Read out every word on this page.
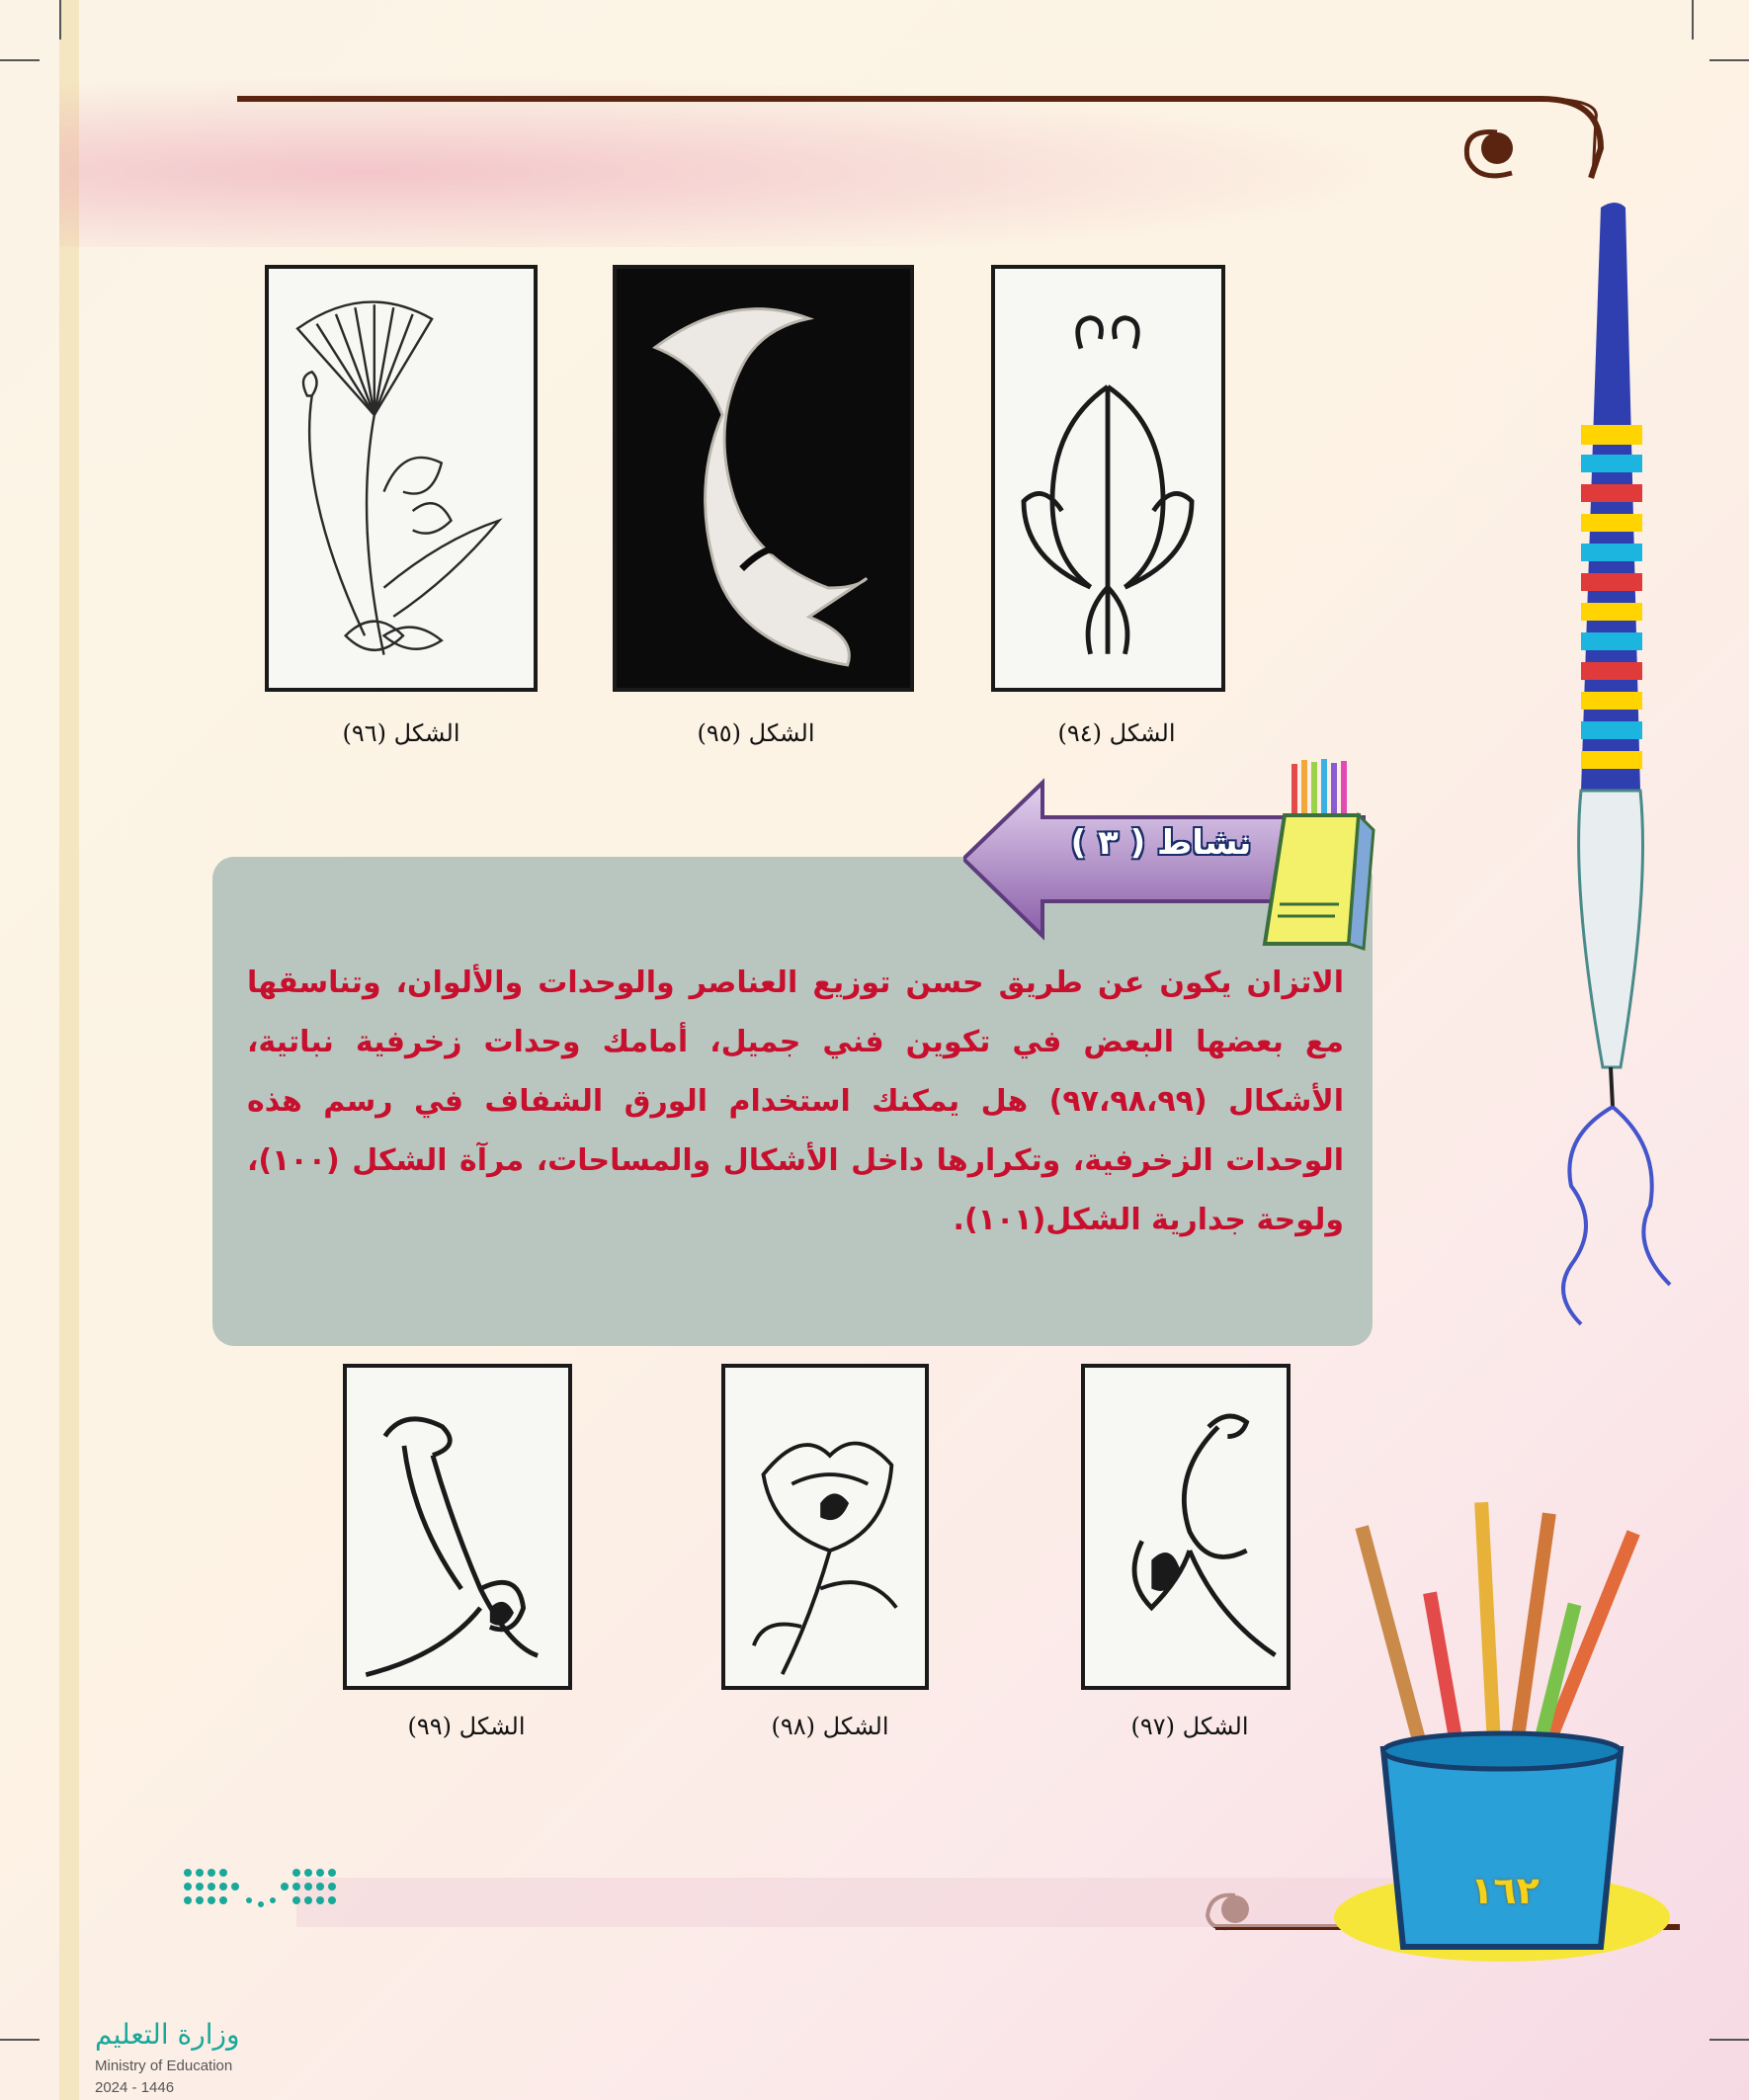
الشكل (٩٤)
الشكل (٩٥)
الشكل (٩٦)
نشاط ( ٣ )

الاتزان يكون عن طريق حسن توزيع العناصر والوحدات والألوان، وتناسقها مع بعضها البعض في تكوين فني جميل، أمامك وحدات زخرفية نباتية، الأشكال (٩٧،٩٨،٩٩) هل يمكنك استخدام الورق الشفاف في رسم هذه الوحدات الزخرفية، وتكرارها داخل الأشكال والمساحات، مرآة الشكل (١٠٠)، ولوحة جدارية الشكل(١٠١).

الشكل (٩٧)
الشكل (٩٨)
الشكل (٩٩)
١٦٢
وزارة التعليم
Ministry of Education
2024 - 1446
